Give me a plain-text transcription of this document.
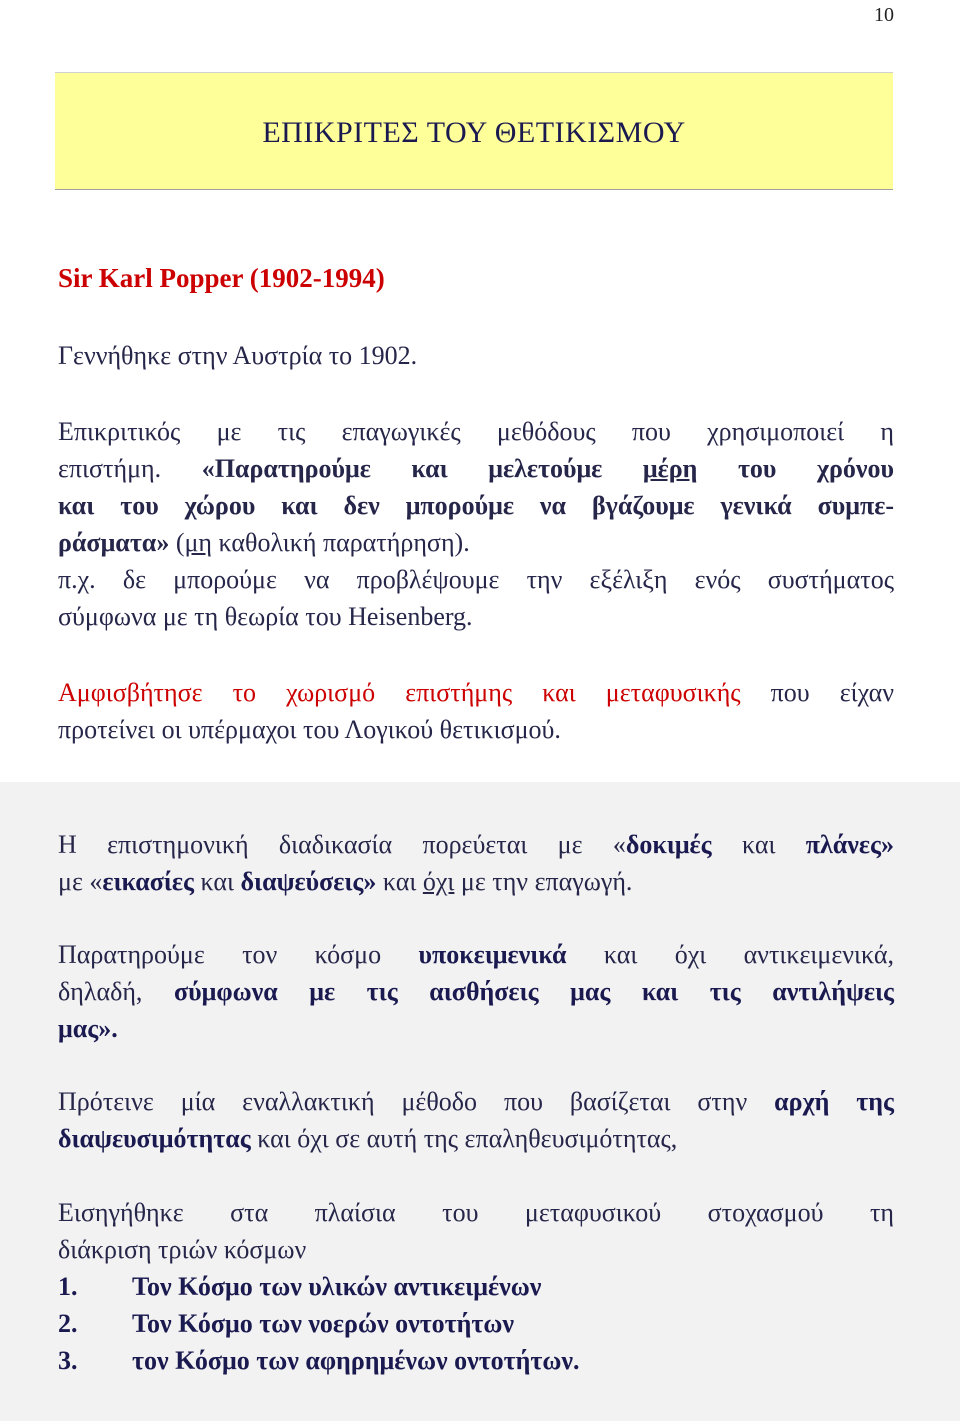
10
ΕΠΙΚΡΙΤΕΣ ΤΟΥ ΘΕΤΙΚΙΣΜΟΥ
Sir Karl Popper (1902-1994)
Γεννήθηκε στην Αυστρία το 1902.
Επικριτικός με τις επαγωγικές μεθόδους που χρησιμοποιεί η
επιστήμη. «Παρατηρούμε και μελετούμε μέρη του χρόνου
και του χώρου και δεν μπορούμε να βγάζουμε γενικά συμπε-
ράσματα» (μη καθολική παρατήρηση).
π.χ. δε μπορούμε να προβλέψουμε την εξέλιξη ενός συστήματος
σύμφωνα με τη θεωρία του Heisenberg.
Αμφισβήτησε το χωρισμό επιστήμης και μεταφυσικής που είχαν
προτείνει οι υπέρμαχοι του Λογικού θετικισμού.
Η επιστημονική διαδικασία πορεύεται με «δοκιμές και πλάνες»
με «εικασίες και διαψεύσεις» και όχι με την επαγωγή.
Παρατηρούμε τον κόσμο υποκειμενικά και όχι αντικειμενικά,
δηλαδή, σύμφωνα με τις αισθήσεις μας και τις αντιλήψεις
μας».
Πρότεινε μία εναλλακτική μέθοδο που βασίζεται στην αρχή της
διαψευσιμότητας και όχι σε αυτή της επαληθευσιμότητας,
Εισηγήθηκε στα πλαίσια του μεταφυσικού στοχασμού τη
διάκριση τριών κόσμων
1.	Τον Κόσμο των υλικών αντικειμένων
2.	Τον Κόσμο των νοερών οντοτήτων
3.	τον Κόσμο των αφηρημένων οντοτήτων.
